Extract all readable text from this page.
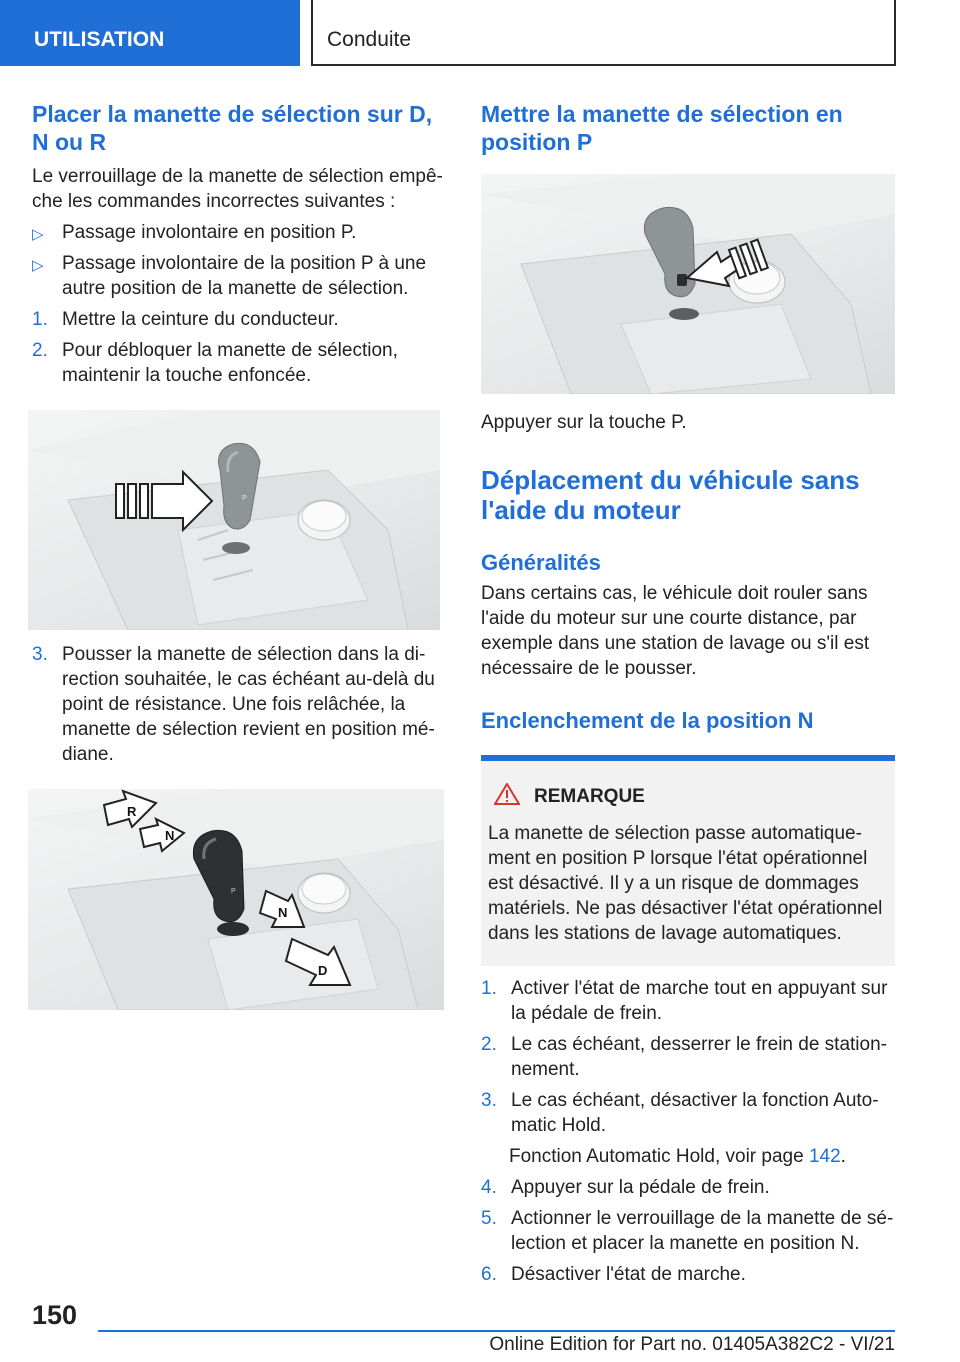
UTILISATION	Conduite
Placer la manette de sélection sur D, N ou R

Le verrouillage de la manette de sélection empêche les commandes incorrectes suivantes :

▷ Passage involontaire en position P.
▷ Passage involontaire de la position P à une autre position de la manette de sélection.
1. Mettre la ceinture du conducteur.
2. Pour débloquer la manette de sélection, maintenir la touche enfoncée.
P
3. Pousser la manette de sélection dans la direction souhaitée, le cas échéant au-delà du point de résistance. Une fois relâchée, la manette de sélection revient en position médiane.
P
R
N
N
D
Mettre la manette de sélection en position P

Appuyer sur la touche P.

Déplacement du véhicule sans l'aide du moteur
Généralités

Dans certains cas, le véhicule doit rouler sans l'aide du moteur sur une courte distance, par exemple dans une station de lavage ou s'il est nécessaire de le pousser.

Enclenchement de la position N
REMARQUE

La manette de sélection passe automatiquement en position P lorsque l'état opérationnel est désactivé. Il y a un risque de dommages matériels. Ne pas désactiver l'état opérationnel dans les stations de lavage automatiques.

1. Activer l'état de marche tout en appuyant sur la pédale de frein.
2. Le cas échéant, desserrer le frein de stationnement.
3. Le cas échéant, désactiver la fonction Automatic Hold.

Fonction Automatic Hold, voir page 142.

4. Appuyer sur la pédale de frein.
5. Actionner le verrouillage de la manette de sélection et placer la manette en position N.
6. Désactiver l'état de marche.
150
Online Edition for Part no. 01405A382C2 - VI/21
